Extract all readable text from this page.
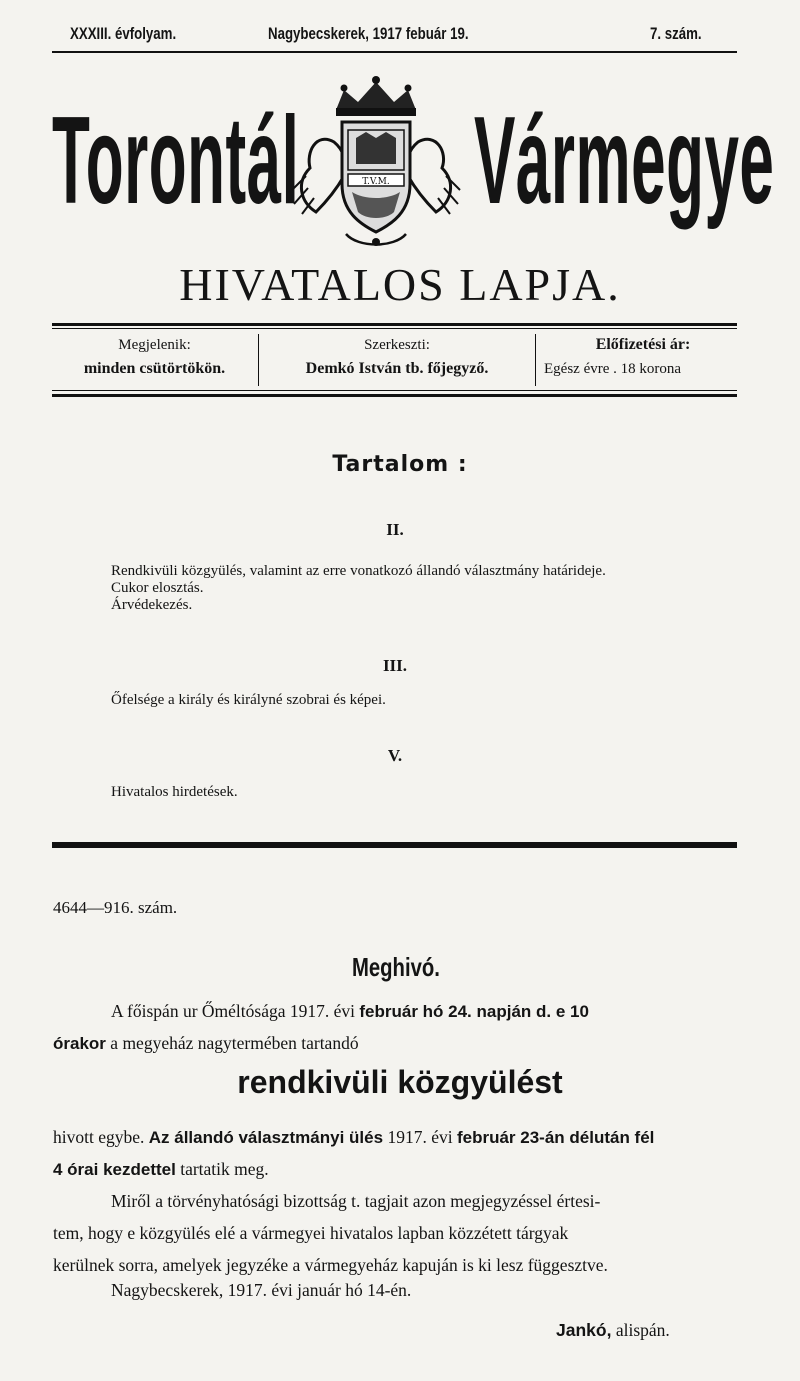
XXXIII. évfolyam.	Nagybecskerek, 1917 febuár 19.	7. szám.
Torontál	T.V.M. Vármegye
HIVATALOS LAPJA.
Megjelenik:
minden csütörtökön.
Szerkeszti:
Demkó István tb. főjegyző.
Előfizetési ár:
Egész évre . 18 korona
Tartalom :
II.
Rendkivüli közgyülés, valamint az erre vonatkozó állandó választmány határideje.
Cukor elosztás.
Árvédekezés.
III.
Őfelsége a király és királyné szobrai és képei.
V.
Hivatalos hirdetések.
4644—916. szám.
Meghivó.
A főispán ur Őméltósága 1917. évi február hó 24. napján d. e 10
órakor a megyeház nagytermében tartandó
rendkivüli közgyülést
hivott egybe. Az állandó választmányi ülés 1917. évi február 23-án délután fél
4 órai kezdettel tartatik meg.
Miről a törvényhatósági bizottság t. tagjait azon megjegyzéssel értesi-
tem, hogy e közgyülés elé a vármegyei hivatalos lapban közzétett tárgyak
kerülnek sorra, amelyek jegyzéke a vármegyeház kapuján is ki lesz függesztve.
Nagybecskerek, 1917. évi január hó 14-én.
Jankó, alispán.
